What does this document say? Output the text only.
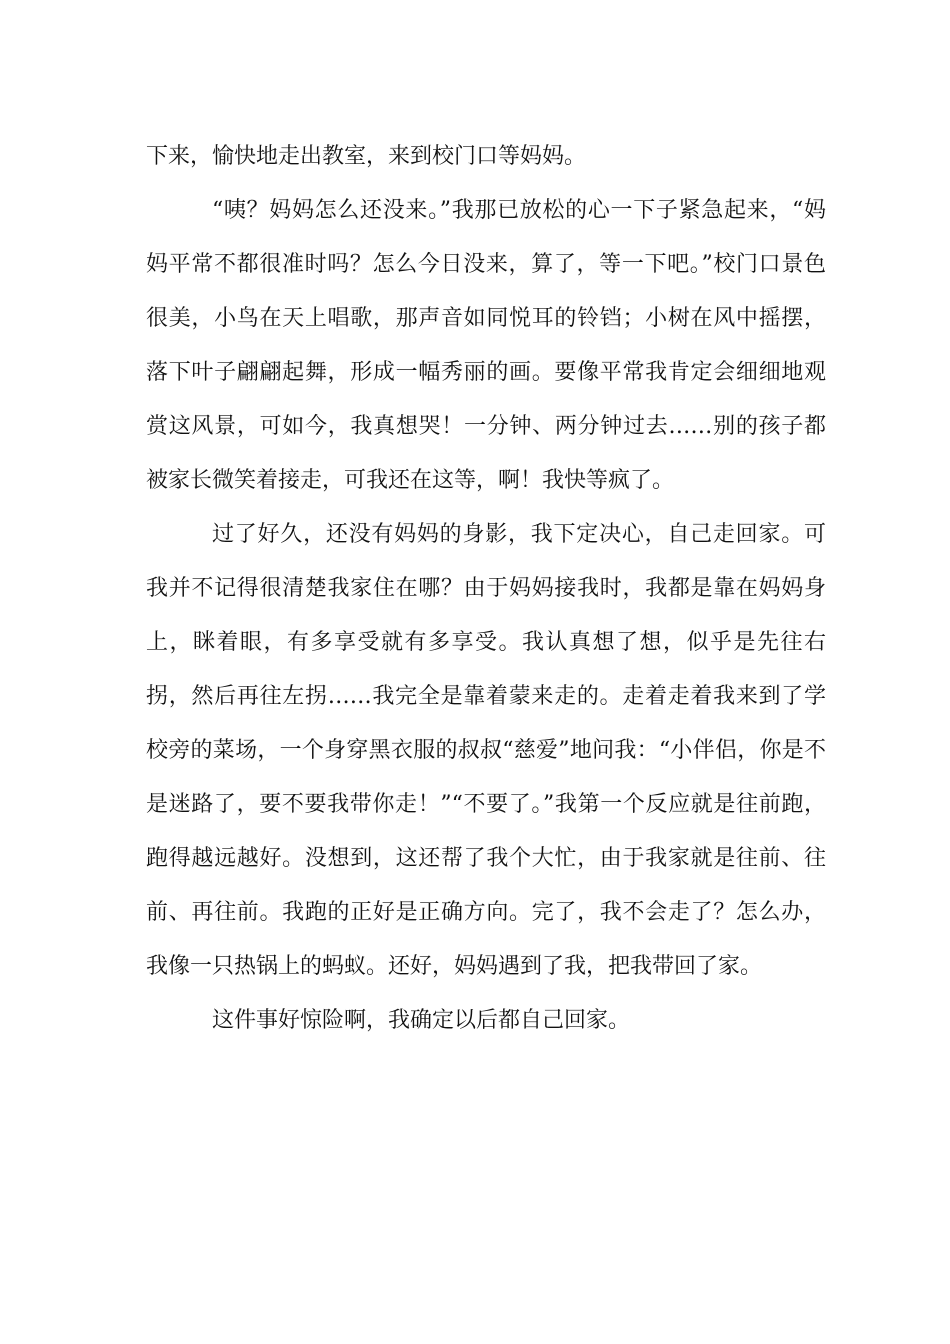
下来，愉快地走出教室，来到校门口等妈妈。

“咦？妈妈怎么还没来。”我那已放松的心一下子紧急起来，“妈妈平常不都很准时吗？怎么今日没来，算了，等一下吧。”校门口景色很美，小鸟在天上唱歌，那声音如同悦耳的铃铛；小树在风中摇摆，落下叶子翩翩起舞，形成一幅秀丽的画。要像平常我肯定会细细地观赏这风景，可如今，我真想哭！一分钟、两分钟过去……别的孩子都被家长微笑着接走，可我还在这等，啊！我快等疯了。

过了好久，还没有妈妈的身影，我下定决心，自己走回家。可我并不记得很清楚我家住在哪？由于妈妈接我时，我都是靠在妈妈身上，眯着眼，有多享受就有多享受。我认真想了想，似乎是先往右拐，然后再往左拐……我完全是靠着蒙来走的。走着走着我来到了学校旁的菜场，一个身穿黑衣服的叔叔“慈爱”地问我：“小伴侣，你是不是迷路了，要不要我带你走！”“不要了。”我第一个反应就是往前跑，跑得越远越好。没想到，这还帮了我个大忙，由于我家就是往前、往前、再往前。我跑的正好是正确方向。完了，我不会走了？怎么办，我像一只热锅上的蚂蚁。还好，妈妈遇到了我，把我带回了家。

这件事好惊险啊，我确定以后都自己回家。
